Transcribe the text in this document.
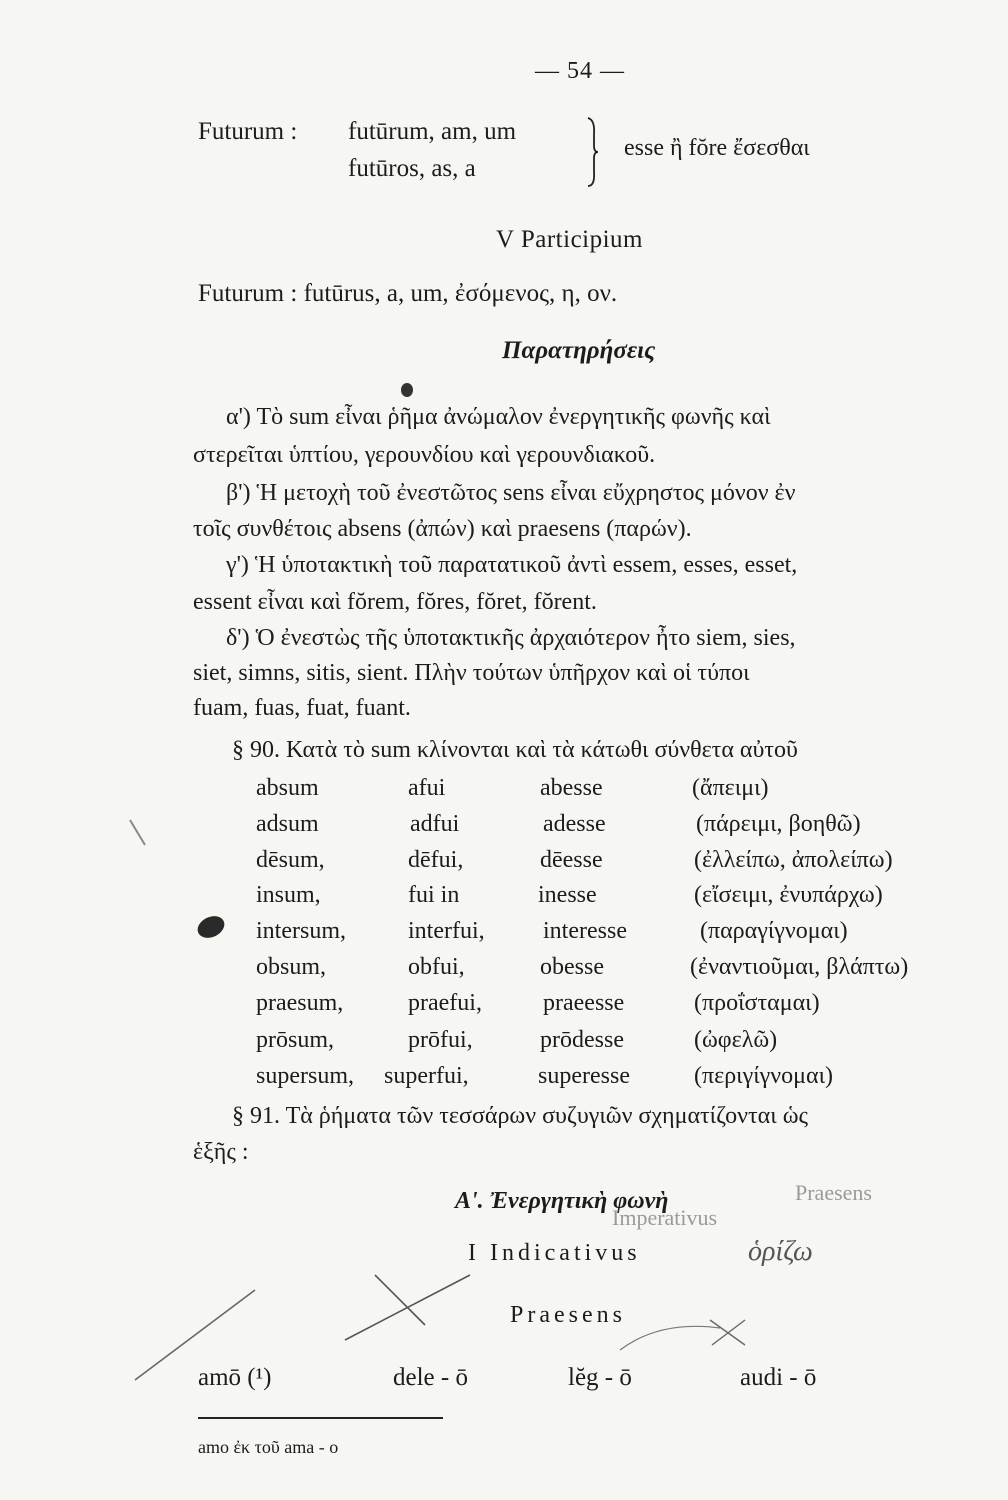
— 54 —
Futurum : futūrum, am, um
futūros, as, a
esse ἢ fŏre ἔσεσθαι
V Participium
Futurum : futūrus, a, um, ἐσόμενος, η, ον.
Παρατηρήσεις
α') Τὸ sum εἶναι ῥῆμα ἀνώμαλον ἐνεργητικῆς φωνῆς καὶ
στερεῖται ὑπτίου, γερουνδίου καὶ γερουνδιακοῦ.
β') Ἡ μετοχὴ τοῦ ἐνεστῶτος sens εἶναι εὔχρηστος μόνον ἐν
τοῖς συνθέτοις absens (ἀπών) καὶ praesens (παρών).
γ') Ἡ ὑποτακτικὴ τοῦ παρατατικοῦ ἀντὶ essem, esses, esset,
essent εἶναι καὶ fŏrem, fŏres, fŏret, fŏrent.
δ') Ὁ ἐνεστὼς τῆς ὑποτακτικῆς ἀρχαιότερον ἦτο siem, sies,
siet, simns, sitis, sient. Πλὴν τούτων ὑπῆρχον καὶ οἱ τύποι
fuam, fuas, fuat, fuant.
§ 90. Κατὰ τὸ sum κλίνονται καὶ τὰ κάτωθι σύνθετα αὐτοῦ
absum	afui	abesse	(ἄπειμι)
adsum	adfui	adesse	(πάρειμι, βοηθῶ)
dēsum,	dēfui,	dēesse	(ἐλλείπω, ἀπολείπω)
insum,	fui in	inesse	(εἴσειμι, ἐνυπάρχω)
intersum,	interfui, interesse	(παραγίγνομαι)
obsum,	obfui,	obesse	(ἐναντιοῦμαι, βλάπτω)
praesum,	praefui,	praeesse	(προΐσταμαι)
prōsum,	prōfui,	prōdesse	(ὠφελῶ)
supersum, superfui,	superesse	(περιγίγνομαι)
§ 91. Τὰ ῥήματα τῶν τεσσάρων συζυγιῶν σχηματίζονται ὡς
ἑξῆς :
Α'. Ἐνεργητικὴ φωνὴ	Praesens
Imperativus
I Indicativus	ὁρίζω
Praesens
amō (¹)	dele - ō	lĕg - ō	audi - ō
amo ἐκ τοῦ ama - o
